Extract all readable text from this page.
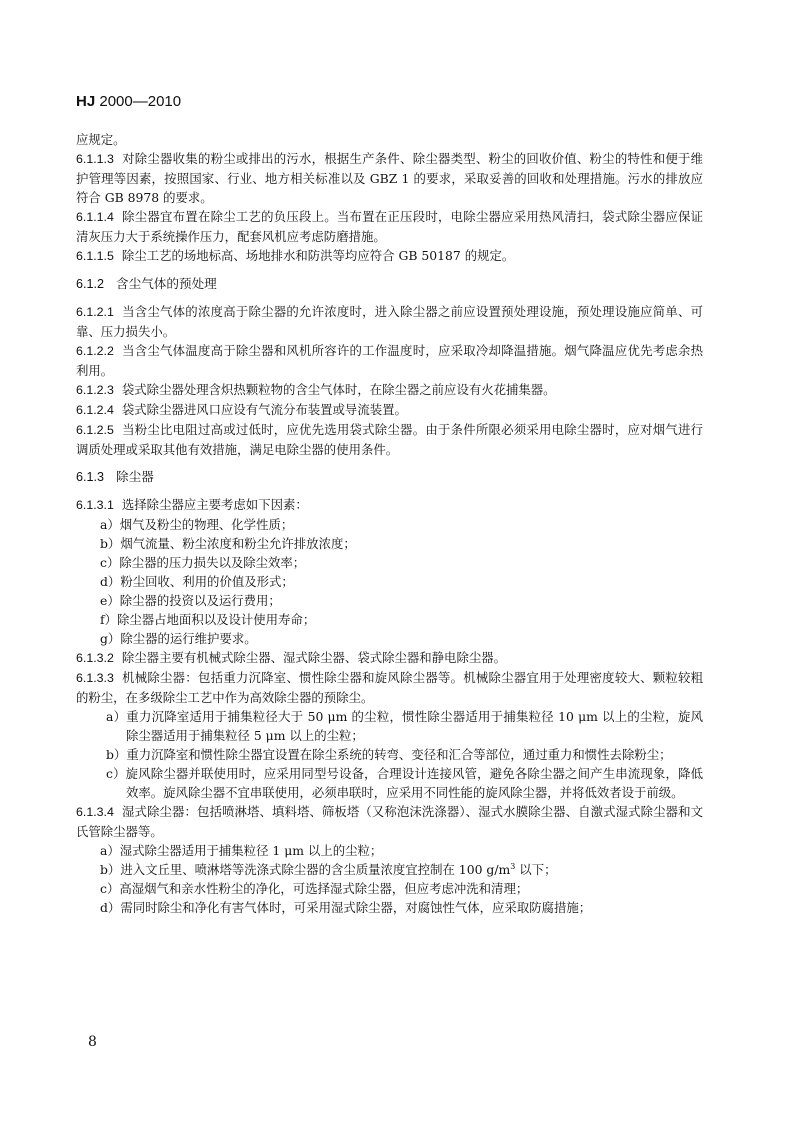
HJ 2000—2010

应规定。

6.1.1.3 对除尘器收集的粉尘或排出的污水，根据生产条件、除尘器类型、粉尘的回收价值、粉尘的特性和便于维护管理等因素，按照国家、行业、地方相关标准以及 GBZ 1 的要求，采取妥善的回收和处理措施。污水的排放应符合 GB 8978 的要求。

6.1.1.4 除尘器宜布置在除尘工艺的负压段上。当布置在正压段时，电除尘器应采用热风清扫，袋式除尘器应保证清灰压力大于系统操作压力，配套风机应考虑防磨措施。

6.1.1.5 除尘工艺的场地标高、场地排水和防洪等均应符合 GB 50187 的规定。

6.1.2 含尘气体的预处理

6.1.2.1 当含尘气体的浓度高于除尘器的允许浓度时，进入除尘器之前应设置预处理设施，预处理设施应简单、可靠、压力损失小。

6.1.2.2 当含尘气体温度高于除尘器和风机所容许的工作温度时，应采取冷却降温措施。烟气降温应优先考虑余热利用。

6.1.2.3 袋式除尘器处理含炽热颗粒物的含尘气体时，在除尘器之前应设有火花捕集器。

6.1.2.4 袋式除尘器进风口应设有气流分布装置或导流装置。

6.1.2.5 当粉尘比电阻过高或过低时，应优先选用袋式除尘器。由于条件所限必须采用电除尘器时，应对烟气进行调质处理或采取其他有效措施，满足电除尘器的使用条件。

6.1.3 除尘器

6.1.3.1 选择除尘器应主要考虑如下因素：

a）烟气及粉尘的物理、化学性质；

b）烟气流量、粉尘浓度和粉尘允许排放浓度；

c）除尘器的压力损失以及除尘效率；

d）粉尘回收、利用的价值及形式；

e）除尘器的投资以及运行费用；

f）除尘器占地面积以及设计使用寿命；

g）除尘器的运行维护要求。

6.1.3.2 除尘器主要有机械式除尘器、湿式除尘器、袋式除尘器和静电除尘器。

6.1.3.3 机械除尘器：包括重力沉降室、惯性除尘器和旋风除尘器等。机械除尘器宜用于处理密度较大、颗粒较粗的粉尘，在多级除尘工艺中作为高效除尘器的预除尘。

a）重力沉降室适用于捕集粒径大于 50 μm 的尘粒，惯性除尘器适用于捕集粒径 10 μm 以上的尘粒，旋风除尘器适用于捕集粒径 5 μm 以上的尘粒；

b）重力沉降室和惯性除尘器宜设置在除尘系统的转弯、变径和汇合等部位，通过重力和惯性去除粉尘；

c）旋风除尘器并联使用时，应采用同型号设备，合理设计连接风管，避免各除尘器之间产生串流现象，降低效率。旋风除尘器不宜串联使用，必须串联时，应采用不同性能的旋风除尘器，并将低效者设于前级。

6.1.3.4 湿式除尘器：包括喷淋塔、填料塔、筛板塔（又称泡沫洗涤器）、湿式水膜除尘器、自激式湿式除尘器和文氏管除尘器等。

a）湿式除尘器适用于捕集粒径 1 μm 以上的尘粒；

b）进入文丘里、喷淋塔等洗涤式除尘器的含尘质量浓度宜控制在 100 $g/m^3$ 以下；

c）高湿烟气和亲水性粉尘的净化，可选择湿式除尘器，但应考虑冲洗和清理；

d）需同时除尘和净化有害气体时，可采用湿式除尘器，对腐蚀性气体，应采取防腐措施；

8
